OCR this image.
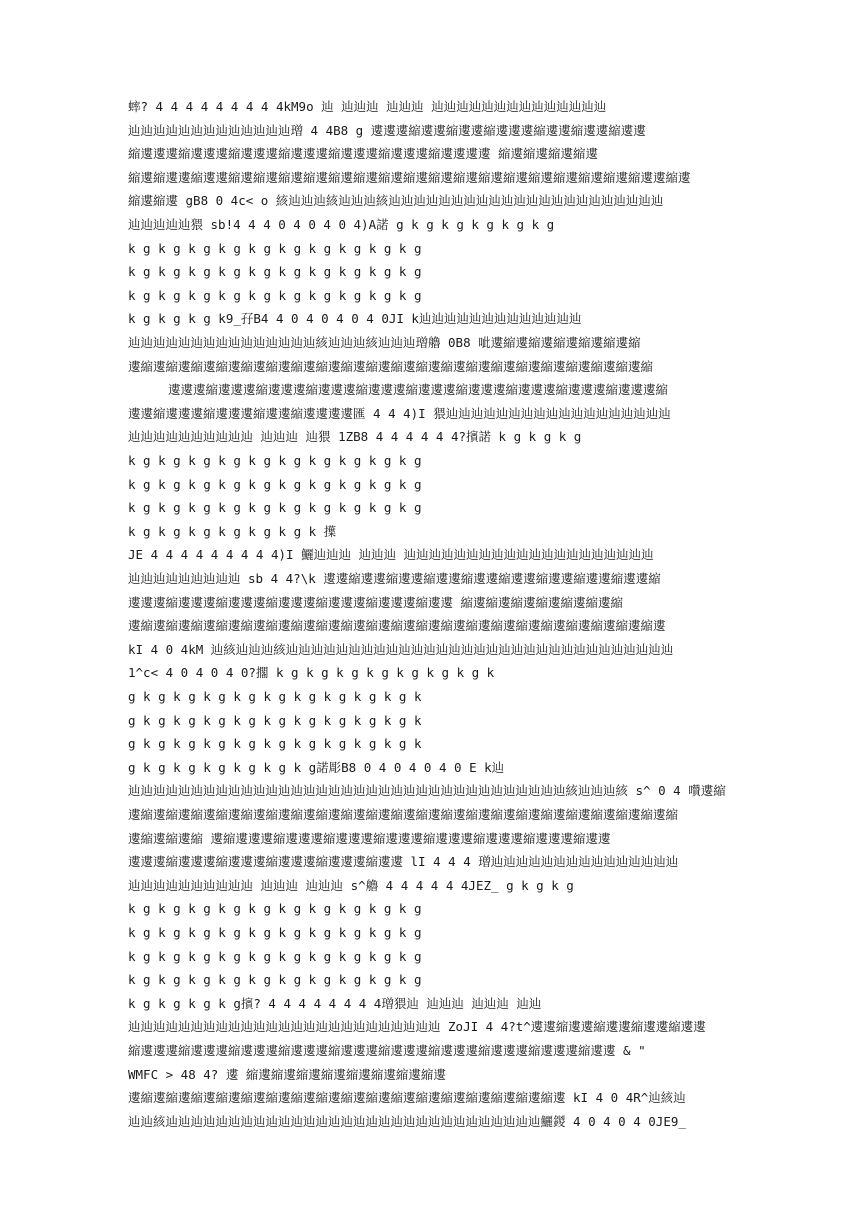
蟀? 4 4 4 4 4 4 4 4 4kM9o 辿 辿辿辿 辿辿辿 辿辿辿辿辿辿辿辿辿辿辿辿辿辿
辿辿辿辿辿辿辿辿辿辿辿辿辿璔 4 4B8 g 遱遱遱縮遱遱縮遱遱縮遱遱遱縮遱遱縮遱遱縮遱遱
縮遱遱遱縮遱遱遱縮遱遱遱縮遱遱遱縮遱遱遱縮遱遱遱縮遱遱遱遱 縮遱縮遱縮遱縮遱
縮遱縮遱遱縮遱遱縮遱縮遱縮遱縮遱縮遱縮遱縮遱縮遱縮遱縮遱縮遱縮遱縮遱縮遱縮遱縮遱縮遱遱縮遱
縮遱縮遱 gB8 0 4c< o 絯辿辿辿絯辿辿辿絯辿辿辿辿辿辿辿辿辿辿辿辿辿辿辿辿辿辿辿辿辿辿
辿辿辿辿辿猥 sb!4 4 4 0 4 0 4 0 4)A諾 g k g k g k g k g k g
k g k g k g k g k g k g k g k g k g k g
k g k g k g k g k g k g k g k g k g k g
k g k g k g k g k g k g k g k g k g k g
k g k g k g k9_孖B4 4 0 4 0 4 0 4 0JI k辿辿辿辿辿辿辿辿辿辿辿辿辿
辿辿辿辿辿辿辿辿辿辿辿辿辿辿辿絯辿辿辿絯辿辿辿璔艪 0B8 呲遱縮遱縮遱縮遱縮遱縮遱縮
遱縮遱縮遱縮遱縮遱縮遱縮遱縮遱縮遱縮遱縮遱縮遱縮遱縮遱縮遱縮遱縮遱縮遱縮遱縮遱縮遱縮
遱遱遱縮遱遱遱縮遱遱遱縮遱遱遱縮遱遱遱縮遱遱遱縮遱遱遱縮遱遱遱縮遱遱遱縮遱遱遱縮
遱遱縮遱遱遱縮遱遱遱縮遱遱縮遱遱遱遱匯 4 4 4)I 猥辿辿辿辿辿辿辿辿辿辿辿辿辿辿辿辿辿辿
辿辿辿辿辿辿辿辿辿辿 辿辿辿 辿猥 1ZB8 4 4 4 4 4 4?擯諾 k g k g k g
k g k g k g k g k g k g k g k g k g k g
k g k g k g k g k g k g k g k g k g k g
k g k g k g k g k g k g k g k g k g k g
k g k g k g k g k g k g k 擛
JE 4 4 4 4 4 4 4 4 4)I 鱺辿辿辿 辿辿辿 辿辿辿辿辿辿辿辿辿辿辿辿辿辿辿辿辿辿辿辿
辿辿辿辿辿辿辿辿辿 sb 4 4?\k 遱遱縮遱遱縮遱遱縮遱遱縮遱遱縮遱遱縮遱遱縮遱遱縮遱遱縮
遱遱遱縮遱遱遱縮遱遱遱縮遱遱遱縮遱遱遱縮遱遱遱縮遱遱 縮遱縮遱縮遱縮遱縮遱縮遱縮
遱縮遱縮遱縮遱縮遱縮遱縮遱縮遱縮遱縮遱縮遱縮遱縮遱縮遱縮遱縮遱縮遱縮遱縮遱縮遱縮遱縮遱
kI 4 0 4kM 辿絯辿辿辿絯辿辿辿辿辿辿辿辿辿辿辿辿辿辿辿辿辿辿辿辿辿辿辿辿辿辿辿辿辿辿辿
1^c< 4 0 4 0 4 0?擱 k g k g k g k g k g k g k g k
g k g k g k g k g k g k g k g k g k g k
g k g k g k g k g k g k g k g k g k g k
g k g k g k g k g k g k g k g k g k g k
g k g k g k g k g k g k g諾彫B8 0 4 0 4 0 4 0 E k辿
辿辿辿辿辿辿辿辿辿辿辿辿辿辿辿辿辿辿辿辿辿辿辿辿辿辿辿辿辿辿辿辿辿辿辿絯辿辿辿絯 s^ 0 4 囋遱縮
遱縮遱縮遱縮遱縮遱縮遱縮遱縮遱縮遱縮遱縮遱縮遱縮遱縮遱縮遱縮遱縮遱縮遱縮遱縮遱縮遱縮遱縮
遱縮遱縮遱縮 遱縮遱遱遱縮遱遱遱縮遱遱遱縮遱遱遱縮遱遱遱縮遱遱遱縮遱遱遱縮遱遱
遱遱遱縮遱遱遱縮遱遱遱縮遱遱遱縮遱遱遱縮遱遱 lI 4 4 4 璔辿辿辿辿辿辿辿辿辿辿辿辿辿辿辿
辿辿辿辿辿辿辿辿辿辿 辿辿辿 辿辿辿 s^艪 4 4 4 4 4 4JEZ_ g k g k g
k g k g k g k g k g k g k g k g k g k g
k g k g k g k g k g k g k g k g k g k g
k g k g k g k g k g k g k g k g k g k g
k g k g k g k g k g k g k g k g k g k g
k g k g k g k g擯? 4 4 4 4 4 4 4 4璔猥辿 辿辿辿 辿辿辿 辿辿
辿辿辿辿辿辿辿辿辿辿辿辿辿辿辿辿辿辿辿辿辿辿辿辿辿 ZoJI 4 4?t^遱遱縮遱遱縮遱遱縮遱遱縮遱遱
縮遱遱遱縮遱遱遱縮遱遱遱縮遱遱遱縮遱遱遱縮遱遱遱縮遱遱遱縮遱遱遱縮遱遱遱縮遱遱 & "
WMFC > 48 4? 遱 縮遱縮遱縮遱縮遱縮遱縮遱縮遱縮遱
遱縮遱縮遱縮遱縮遱縮遱縮遱縮遱縮遱縮遱縮遱縮遱縮遱縮遱縮遱縮遱縮遱縮遱 kI 4 0 4R^辿絯辿
辿辿絯辿辿辿辿辿辿辿辿辿辿辿辿辿辿辿辿辿辿辿辿辿辿辿辿辿辿辿辿辿辿鱺鍐 4 0 4 0 4 0JE9_
